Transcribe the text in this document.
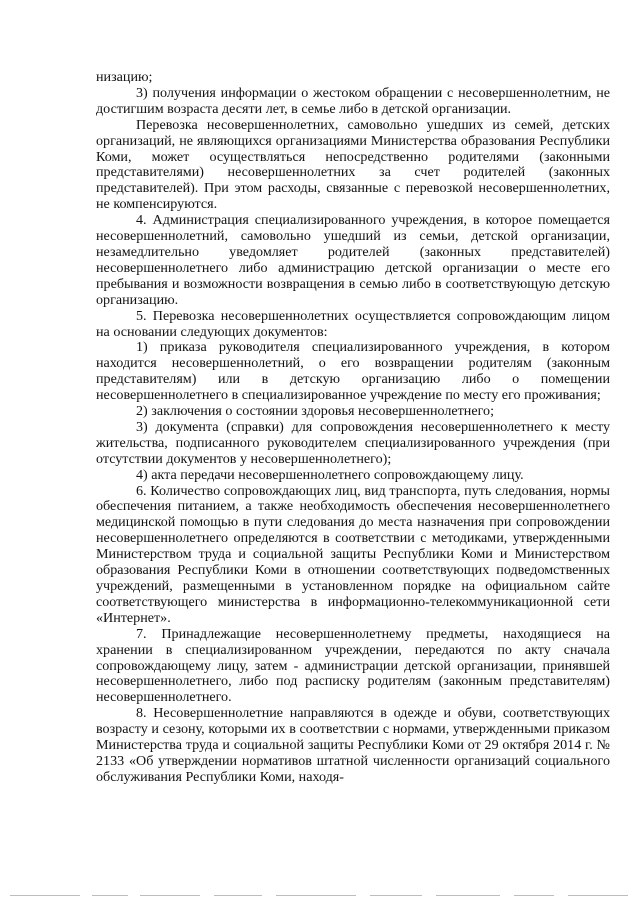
низацию;

3) получения информации о жестоком обращении с несовершеннолетним, не достигшим возраста десяти лет, в семье либо в детской организации.

Перевозка несовершеннолетних, самовольно ушедших из семей, детских организаций, не являющихся организациями Министерства образования Республики Коми, может осуществляться непосредственно родителями (законными представителями) несовершеннолетних за счет родителей (законных представителей). При этом расходы, связанные с перевозкой несовершеннолетних, не компенсируются.

4. Администрация специализированного учреждения, в которое помещается несовершеннолетний, самовольно ушедший из семьи, детской организации, незамедлительно уведомляет родителей (законных представителей) несовершеннолетнего либо администрацию детской организации о месте его пребывания и возможности возвращения в семью либо в соответствующую детскую организацию.

5. Перевозка несовершеннолетних осуществляется сопровождающим лицом на основании следующих документов:

1) приказа руководителя специализированного учреждения, в котором находится несовершеннолетний, о его возвращении родителям (законным представителям) или в детскую организацию либо о помещении несовершеннолетнего в специализированное учреждение по месту его проживания;

2) заключения о состоянии здоровья несовершеннолетнего;

3) документа (справки) для сопровождения несовершеннолетнего к месту жительства, подписанного руководителем специализированного учреждения (при отсутствии документов у несовершеннолетнего);

4) акта передачи несовершеннолетнего сопровождающему лицу.

6. Количество сопровождающих лиц, вид транспорта, путь следования, нормы обеспечения питанием, а также необходимость обеспечения несовершеннолетнего медицинской помощью в пути следования до места назначения при сопровождении несовершеннолетнего определяются в соответствии с методиками, утвержденными Министерством труда и социальной защиты Республики Коми и Министерством образования Республики Коми в отношении соответствующих подведомственных учреждений, размещенными в установленном порядке на официальном сайте соответствующего министерства в информационно-телекоммуникационной сети «Интернет».

7. Принадлежащие несовершеннолетнему предметы, находящиеся на хранении в специализированном учреждении, передаются по акту сначала сопровождающему лицу, затем - администрации детской организации, принявшей несовершеннолетнего, либо под расписку родителям (законным представителям) несовершеннолетнего.

8. Несовершеннолетние направляются в одежде и обуви, соответствующих возрасту и сезону, которыми их в соответствии с нормами, утвержденными приказом Министерства труда и социальной защиты Республики Коми от 29 октября 2014 г. № 2133 «Об утверждении нормативов штатной численности организаций социального обслуживания Республики Коми, находя-
